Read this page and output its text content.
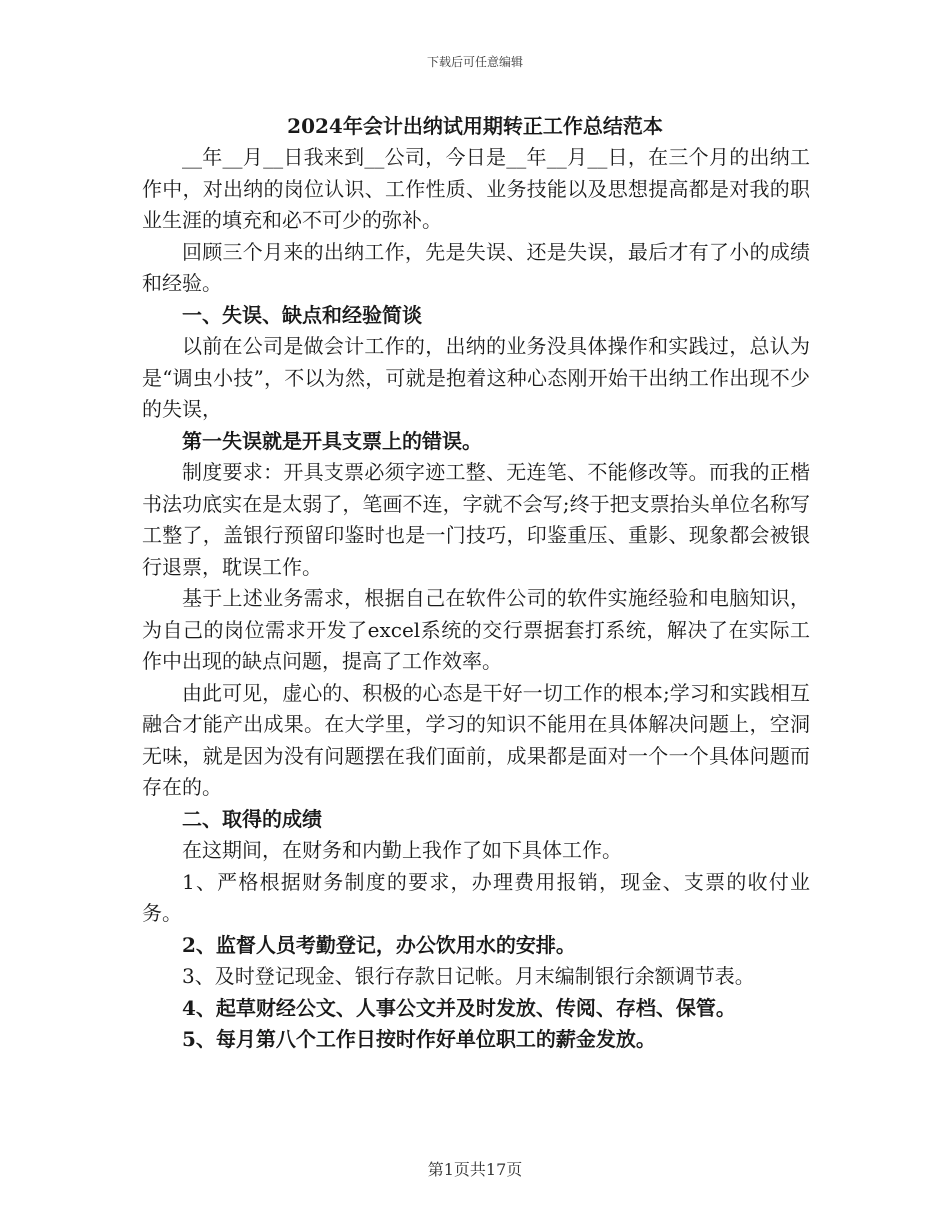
下载后可任意编辑
2024年会计出纳试用期转正工作总结范本

__年__月__日我来到__公司，今日是__年__月__日，在三个月的出纳工作中，对出纳的岗位认识、工作性质、业务技能以及思想提高都是对我的职业生涯的填充和必不可少的弥补。

回顾三个月来的出纳工作，先是失误、还是失误，最后才有了小的成绩和经验。

一、失误、缺点和经验简谈

以前在公司是做会计工作的，出纳的业务没具体操作和实践过，总认为是“调虫小技”，不以为然，可就是抱着这种心态刚开始干出纳工作出现不少的失误，

第一失误就是开具支票上的错误。

制度要求：开具支票必须字迹工整、无连笔、不能修改等。而我的正楷书法功底实在是太弱了，笔画不连，字就不会写;终于把支票抬头单位名称写工整了，盖银行预留印鉴时也是一门技巧，印鉴重压、重影、现象都会被银行退票，耽误工作。

基于上述业务需求，根据自己在软件公司的软件实施经验和电脑知识，为自己的岗位需求开发了excel系统的交行票据套打系统，解决了在实际工作中出现的缺点问题，提高了工作效率。

由此可见，虚心的、积极的心态是干好一切工作的根本;学习和实践相互融合才能产出成果。在大学里，学习的知识不能用在具体解决问题上，空洞无味，就是因为没有问题摆在我们面前，成果都是面对一个一个具体问题而存在的。

二、取得的成绩

在这期间，在财务和内勤上我作了如下具体工作。

1、严格根据财务制度的要求，办理费用报销，现金、支票的收付业务。

2、监督人员考勤登记，办公饮用水的安排。

3、及时登记现金、银行存款日记帐。月末编制银行余额调节表。

4、起草财经公文、人事公文并及时发放、传阅、存档、保管。

5、每月第八个工作日按时作好单位职工的薪金发放。

第1页共17页
